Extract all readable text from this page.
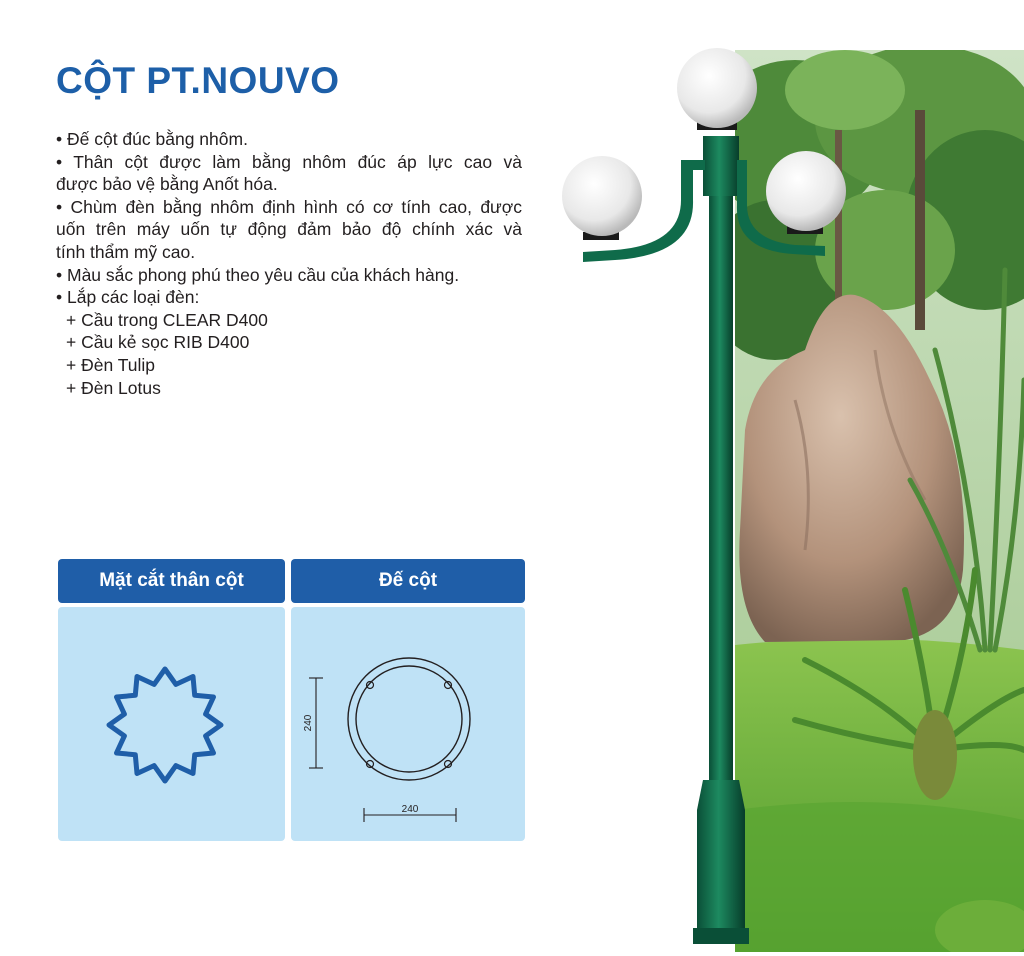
CỘT PT.NOUVO
• Đế cột đúc bằng nhôm.
• Thân cột được làm bằng nhôm đúc áp lực cao và
được bảo vệ bằng Anốt hóa.
• Chùm đèn bằng nhôm định hình có cơ tính cao, được
uốn trên máy uốn tự động đảm bảo độ chính xác và
tính thẩm mỹ cao.
• Màu sắc phong phú theo yêu cầu của khách hàng.
• Lắp các loại đèn:
+ Cầu trong CLEAR D400
+ Cầu kẻ sọc RIB D400
+ Đèn Tulip
+ Đèn Lotus
Mặt cắt thân cột	Đế cột
240
240
